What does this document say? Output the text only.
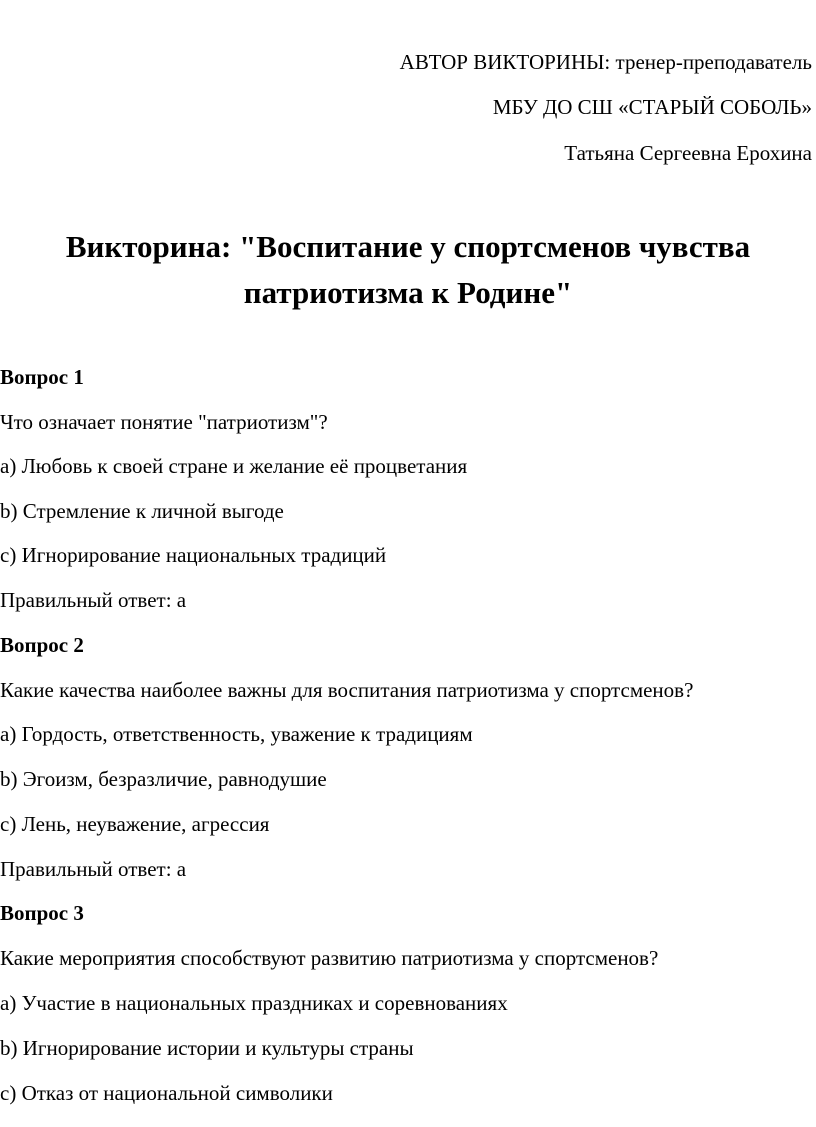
АВТОР ВИКТОРИНЫ: тренер-преподаватель
МБУ ДО СШ «СТАРЫЙ СОБОЛЬ»
Татьяна Сергеевна Ерохина
Викторина: "Воспитание у спортсменов чувства
патриотизма к Родине"
Вопрос 1
Что означает понятие "патриотизм"?
a) Любовь к своей стране и желание её процветания
b) Стремление к личной выгоде
c) Игнорирование национальных традиций
Правильный ответ: a
Вопрос 2
Какие качества наиболее важны для воспитания патриотизма у спортсменов?
a) Гордость, ответственность, уважение к традициям
b) Эгоизм, безразличие, равнодушие
c) Лень, неуважение, агрессия
Правильный ответ: a
Вопрос 3
Какие мероприятия способствуют развитию патриотизма у спортсменов?
a) Участие в национальных праздниках и соревнованиях
b) Игнорирование истории и культуры страны
c) Отказ от национальной символики
